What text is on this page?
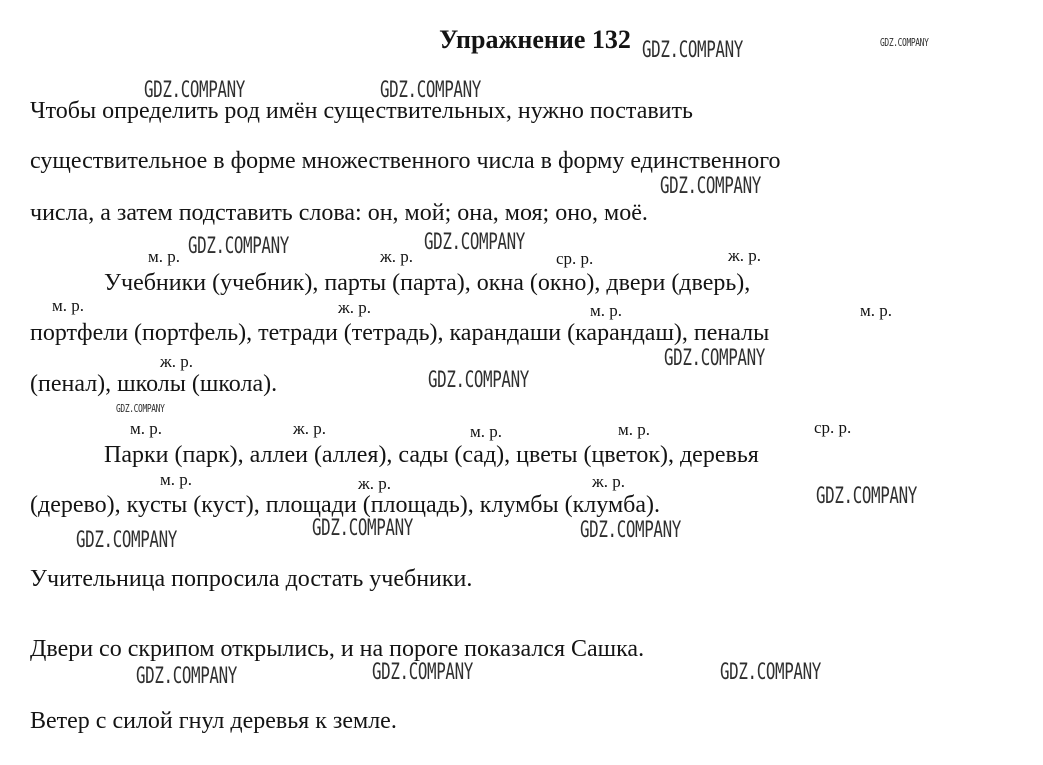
Упражнение 132
Чтобы определить род имён существительных, нужно поставить
существительное в форме множественного числа в форму единственного
числа, а затем подставить слова: он, мой; она, моя; оно, моё.
м. р.	ж. р.	ср. р.	ж. р.
Учебники (учебник), парты (парта), окна (окно), двери (дверь),
м. р.	ж. р.	м. р.	м. р.
портфели (портфель), тетради (тетрадь), карандаши (карандаш), пеналы
ж. р.
(пенал), школы (школа).
м. р.	ж. р.	м. р.	м. р.	ср. р.
Парки (парк), аллеи (аллея), сады (сад), цветы (цветок), деревья
м. р.	ж. р.	ж. р.
(дерево), кусты (куст), площади (площадь), клумбы (клумба).
Учительница попросила достать учебники.
Двери со скрипом открылись, и на пороге показался Сашка.
Ветер с силой гнул деревья к земле.
GDZ.COMPANY	GDZ.COMPANY
GDZ.COMPANY	GDZ.COMPANY
GDZ.COMPANY
GDZ.COMPANY	GDZ.COMPANY
GDZ.COMPANY
GDZ.COMPANY
GDZ.COMPANY
GDZ.COMPANY
GDZ.COMPANY	GDZ.COMPANY
GDZ.COMPANY
GDZ.COMPANY	GDZ.COMPANY
GDZ.COMPANY
